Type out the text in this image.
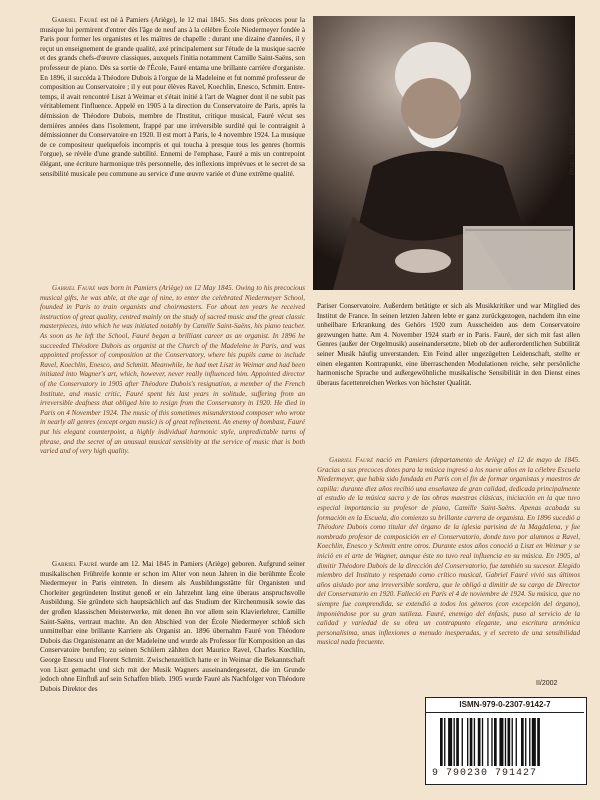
Gabriel Fauré est né à Pamiers (Ariège), le 12 mai 1845. Ses dons précoces pour la musique lui permirent d'entrer dès l'âge de neuf ans à la célèbre École Niedermeyer fondée à Paris pour former les organistes et les maîtres de chapelle : durant une dizaine d'années, il y reçut un enseignement de grande qualité, axé principalement sur l'étude de la musique sacrée et des grands chefs-d'œuvre classiques, auxquels l'initia notamment Camille Saint-Saëns, son professeur de piano. Dès sa sortie de l'École, Fauré entama une brillante carrière d'organiste. En 1896, il succéda à Théodore Dubois à l'orgue de la Madeleine et fut nommé professeur de composition au Conservatoire ; il y eut pour élèves Ravel, Koechlin, Enesco, Schmitt. Entre-temps, il avait rencontré Liszt à Weimar et s'était initié à l'art de Wagner dont il ne subit pas véritablement l'influence. Appelé en 1905 à la direction du Conservatoire de Paris, après la démission de Théodore Dubois, membre de l'Institut, critique musical, Fauré vécut ses dernières années dans l'isolement, frappé par une irréversible surdité qui le contraignit à démissionner du Conservatoire en 1920. Il est mort à Paris, le 4 novembre 1924. La musique de ce compositeur quelquefois incompris et qui toucha à presque tous les genres (hormis l'orgue), se révèle d'une grande subtilité. Ennemi de l'emphase, Fauré a mis un contrepoint élégant, une écriture harmonique très personnelle, des inflexions imprévues et le secret de sa sensibilité musicale peu commune au service d'une œuvre variée et d'une extrême qualité.

Gabriel Fauré was born in Pamiers (Ariège) on 12 May 1845. Owing to his precocious musical gifts, he was able, at the age of nine, to enter the celebrated Niedermeyer School, founded in Paris to train organists and choirmasters. For about ten years he received instruction of great quality, centred mainly on the study of sacred music and the great classic masterpieces, into which he was initiated notably by Camille Saint-Saëns, his piano teacher. As soon as he left the School, Fauré began a brilliant career as an organist. In 1896 he succeeded Théodore Dubois as organist at the Church of the Madeleine in Paris, and was appointed professor of composition at the Conservatory, where his pupils came to include Ravel, Koechlin, Enesco, and Schmitt. Meanwhile, he had met Liszt in Weimar and had been initiated into Wagner's art, which, however, never really influenced him. Appointed director of the Conservatory in 1905 after Théodore Dubois's resignation, a member of the French Institute, and music critic, Fauré spent his last years in solitude, suffering from an irreversible deafness that obliged him to resign from the Conservatory in 1920. He died in Paris on 4 November 1924. The music of this sometimes misunderstood composer who wrote in nearly all genres (except organ music) is of great refinement. An enemy of bombast, Fauré put his elegant counterpoint, a highly individual harmonic style, unpredictable turns of phrase, and the secret of an unusual musical sensitivity at the service of music that is both varied and of very high quality.

Gabriel Fauré wurde am 12. Mai 1845 in Pamiers (Ariège) geboren. Aufgrund seiner musikalischen Frühreife konnte er schon im Alter von neun Jahren in die berühmte École Niedermeyer in Paris eintreten. In diesem als Ausbildungsstätte für Organisten und Chorleiter gegründeten Institut genoß er ein Jahrzehnt lang eine überaus anspruchsvolle Ausbildung. Sie gründete sich hauptsächlich auf das Studium der Kirchenmusik sowie das der großen klassischen Meisterwerke, mit denen ihn vor allem sein Klavierlehrer, Camille Saint-Saëns, vertraut machte. An den Abschied von der École Niedermeyer schloß sich unmittelbar eine brillante Karriere als Organist an. 1896 übernahm Fauré von Théodore Dubois das Organistenamt an der Madeleine und wurde als Professor für Komposition an das Conservatoire berufen; zu seinen Schülern zählten dort Maurice Ravel, Charles Kœchlin, George Enescu und Florent Schmitt. Zwischenzeitlich hatte er in Weimar die Bekanntschaft von Liszt gemacht und sich mit der Musik Wagners auseinandergesetzt, die im Grunde jedoch ohne Einfluß auf sein Schaffen blieb. 1905 wurde Fauré als Nachfolger von Théodore Dubois Direktor des

Photo : Meliani Lodtec

Pariser Conservatoire. Außerdem betätigte er sich als Musikkritiker und war Mitglied des Institut de France. In seinen letzten Jahren lebte er ganz zurückgezogen, nachdem ihn eine unheilbare Erkrankung des Gehörs 1920 zum Ausscheiden aus dem Conservatoire gezwungen hatte. Am 4. November 1924 starb er in Paris. Fauré, der sich mit fast allen Genres (außer der Orgelmusik) auseinandersetzte, blieb ob der außerordentlichen Subtilität seiner Musik häufig unverstanden. Ein Feind aller ungezügelten Leidenschaft, stellte er einen eleganten Kontrapunkt, eine überraschenden Modulationen reiche, sehr persönliche harmonische Sprache und außergewöhnliche musikalische Sensibilität in den Dienst eines überaus facettenreichen Werkes von höchster Qualität.

Gabriel Fauré nació en Pamiers (departamento de Ariège) el 12 de mayo de 1845. Gracias a sus precoces dotes para la música ingresó a los nueve años en la célebre Escuela Niedermeyer, que había sido fundada en París con el fin de formar organistas y maestros de capilla: durante diez años recibió una enseñanza de gran calidad, dedicada principalmente al estudio de la música sacra y de las obras maestras clásicas, iniciación en la que tuvo especial importancia su profesor de piano, Camille Saint-Saëns. Apenas acabada su formación en la Escuela, dio comienzo su brillante carrera de organista. En 1896 sucedió a Théodore Dubois como titular del órgano de la iglesia parisina de la Magdalena, y fue nombrado profesor de composición en el Conservatorio, donde tuvo por alumnos a Ravel, Koechlin, Enesco y Schmitt entre otros. Durante estos años conoció a Liszt en Weimar y se inició en el arte de Wagner, aunque éste no tuvo real influencia en su música. En 1905, al dimitir Théodore Dubois de la dirección del Conservatorio, fue también su sucesor. Elegido miembro del Instituto y respetado como crítico musical, Gabriel Fauré vivió sus últimos años aislado por una irreversible sordera, que le obligó a dimitir de su cargo de Director del Conservatorio en 1920. Falleció en París el 4 de noviembre de 1924. Su música, que no siempre fue comprendida, se extendió a todos los géneros (con excepción del órgano), imponiéndose por su gran sutileza. Fauré, enemigo del énfasis, puso al servicio de la calidad y variedad de su obra un contrapunto elegante, una escritura armónica personalísima, unas inflexiones a menudo inesperadas, y el secreto de una sensibilidad musical nada frecuente.

II/2002
ISMN-979-0-2307-9142-7
9 790230 791427
